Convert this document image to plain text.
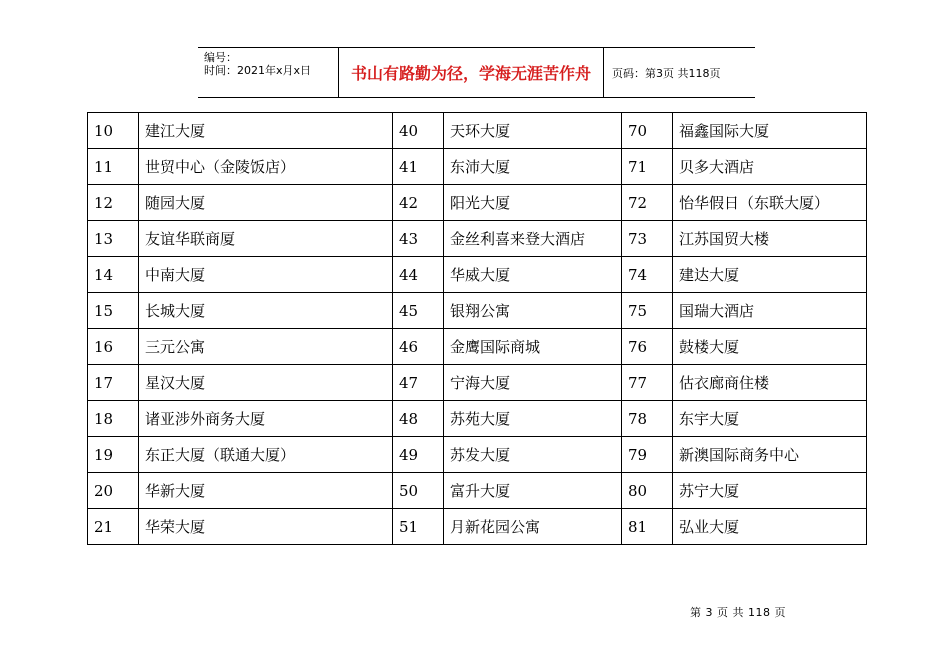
编号：
时间：2021年x月x日	书山有路勤为径，学海无涯苦作舟	页码：第3页 共118页
10	建江大厦	40	天环大厦	70	福鑫国际大厦
11	世贸中心（金陵饭店）	41	东沛大厦	71	贝多大酒店
12	随园大厦	42	阳光大厦	72	怡华假日（东联大厦）
13	友谊华联商厦	43	金丝利喜来登大酒店	73	江苏国贸大楼
14	中南大厦	44	华威大厦	74	建达大厦
15	长城大厦	45	银翔公寓	75	国瑞大酒店
16	三元公寓	46	金鹰国际商城	76	鼓楼大厦
17	星汉大厦	47	宁海大厦	77	估衣廊商住楼
18	诸亚涉外商务大厦	48	苏苑大厦	78	东宇大厦
19	东正大厦（联通大厦）	49	苏发大厦	79	新澳国际商务中心
20	华新大厦	50	富升大厦	80	苏宁大厦
21	华荣大厦	51	月新花园公寓	81	弘业大厦
第 3 页 共 118 页
